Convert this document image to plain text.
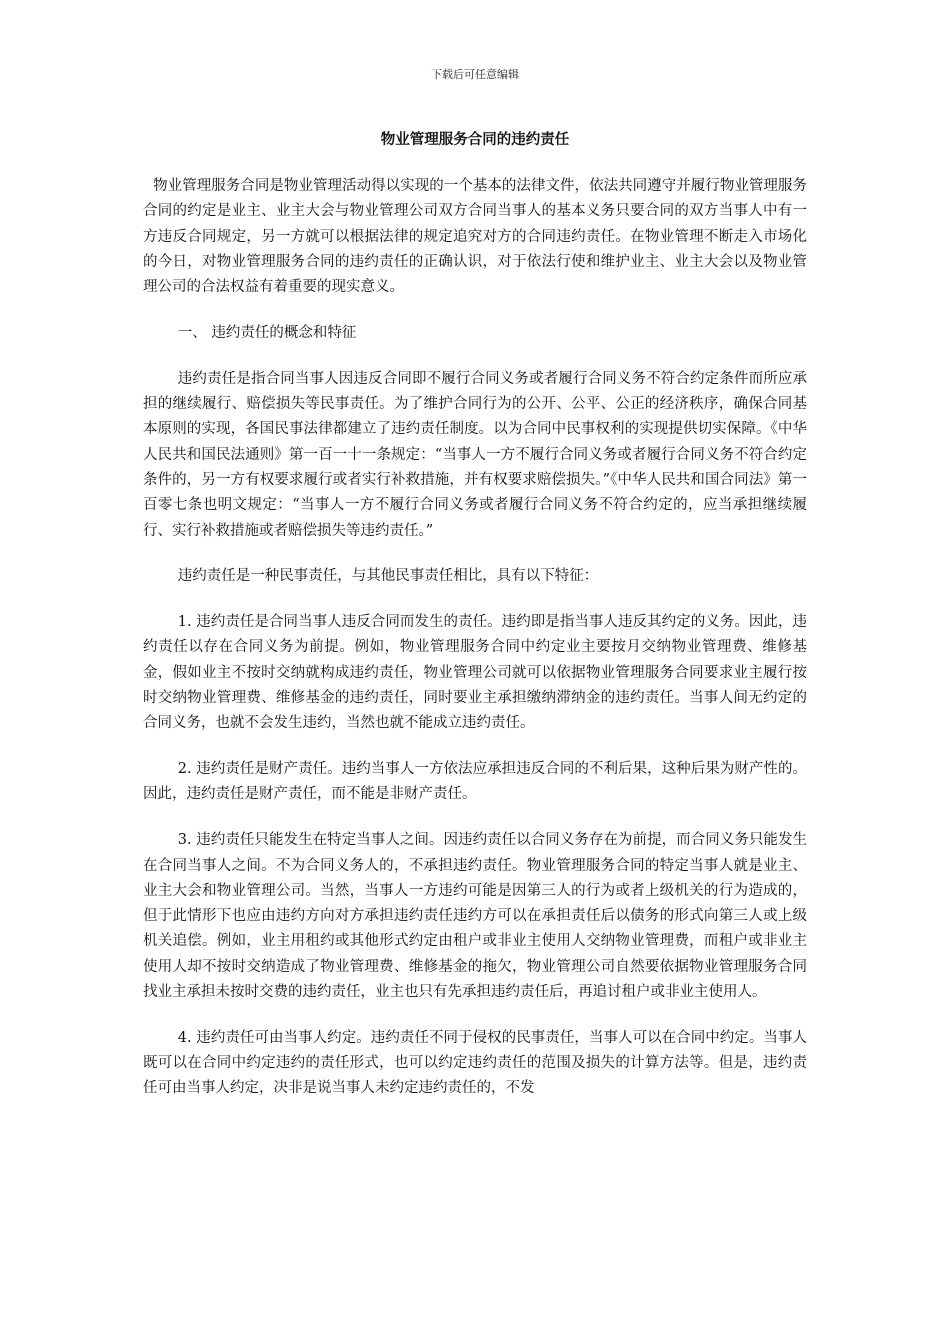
下载后可任意编辑
物业管理服务合同的违约责任

物业管理服务合同是物业管理活动得以实现的一个基本的法律文件，依法共同遵守并履行物业管理服务合同的约定是业主、业主大会与物业管理公司双方合同当事人的基本义务只要合同的双方当事人中有一方违反合同规定，另一方就可以根据法律的规定追究对方的合同违约责任。在物业管理不断走入市场化的今日，对物业管理服务合同的违约责任的正确认识，对于依法行使和维护业主、业主大会以及物业管理公司的合法权益有着重要的现实意义。

一、 违约责任的概念和特征

违约责任是指合同当事人因违反合同即不履行合同义务或者履行合同义务不符合约定条件而所应承担的继续履行、赔偿损失等民事责任。为了维护合同行为的公开、公平、公正的经济秩序，确保合同基本原则的实现，各国民事法律都建立了违约责任制度。以为合同中民事权利的实现提供切实保障。《中华人民共和国民法通则》第一百一十一条规定：“当事人一方不履行合同义务或者履行合同义务不符合约定条件的，另一方有权要求履行或者实行补救措施，并有权要求赔偿损失。”《中华人民共和国合同法》第一百零七条也明文规定：“当事人一方不履行合同义务或者履行合同义务不符合约定的，应当承担继续履行、实行补救措施或者赔偿损失等违约责任。”

违约责任是一种民事责任，与其他民事责任相比，具有以下特征：

1. 违约责任是合同当事人违反合同而发生的责任。违约即是指当事人违反其约定的义务。因此，违约责任以存在合同义务为前提。例如，物业管理服务合同中约定业主要按月交纳物业管理费、维修基金，假如业主不按时交纳就构成违约责任，物业管理公司就可以依据物业管理服务合同要求业主履行按时交纳物业管理费、维修基金的违约责任，同时要业主承担缴纳滞纳金的违约责任。当事人间无约定的合同义务，也就不会发生违约，当然也就不能成立违约责任。

2. 违约责任是财产责任。违约当事人一方依法应承担违反合同的不利后果，这种后果为财产性的。因此，违约责任是财产责任，而不能是非财产责任。

3. 违约责任只能发生在特定当事人之间。因违约责任以合同义务存在为前提，而合同义务只能发生在合同当事人之间。不为合同义务人的，不承担违约责任。物业管理服务合同的特定当事人就是业主、业主大会和物业管理公司。当然，当事人一方违约可能是因第三人的行为或者上级机关的行为造成的，但于此情形下也应由违约方向对方承担违约责任违约方可以在承担责任后以债务的形式向第三人或上级机关追偿。例如，业主用租约或其他形式约定由租户或非业主使用人交纳物业管理费，而租户或非业主使用人却不按时交纳造成了物业管理费、维修基金的拖欠，物业管理公司自然要依据物业管理服务合同找业主承担未按时交费的违约责任，业主也只有先承担违约责任后，再追讨租户或非业主使用人。

4. 违约责任可由当事人约定。违约责任不同于侵权的民事责任，当事人可以在合同中约定。当事人既可以在合同中约定违约的责任形式，也可以约定违约责任的范围及损失的计算方法等。但是，违约责任可由当事人约定，决非是说当事人未约定违约责任的，不发
